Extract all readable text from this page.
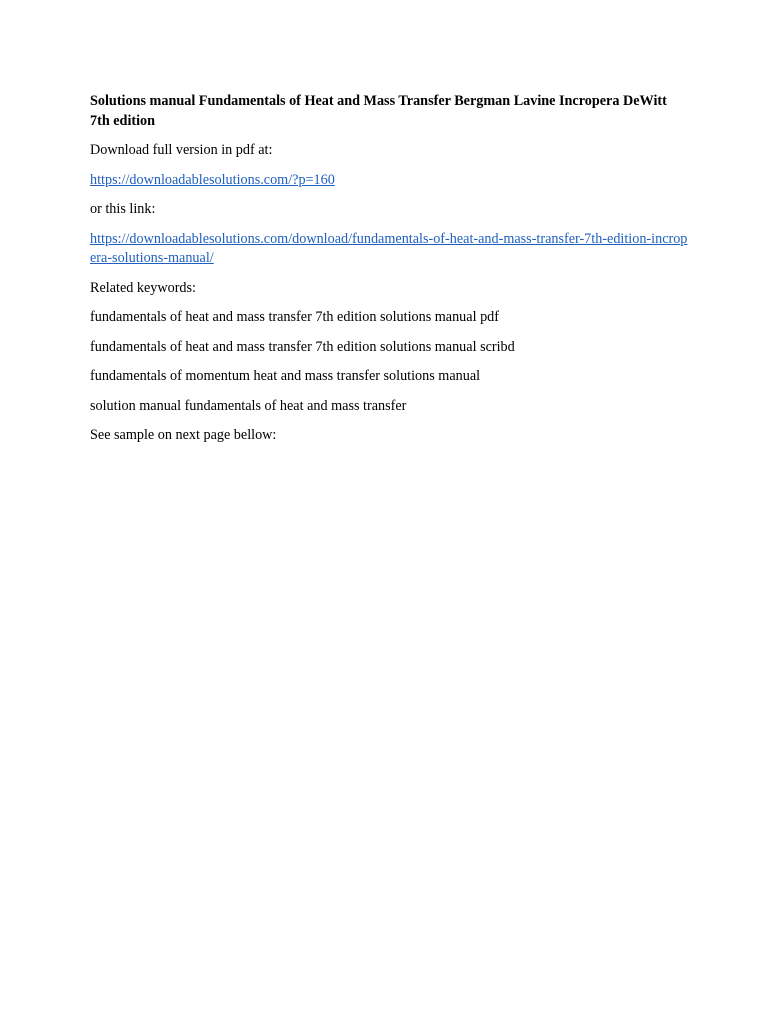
Solutions manual Fundamentals of Heat and Mass Transfer Bergman Lavine Incropera DeWitt 7th edition

Download full version in pdf at:

https://downloadablesolutions.com/?p=160

or this link:

https://downloadablesolutions.com/download/fundamentals-of-heat-and-mass-transfer-7th-edition-incropera-solutions-manual/

Related keywords:

fundamentals of heat and mass transfer 7th edition solutions manual pdf

fundamentals of heat and mass transfer 7th edition solutions manual scribd

fundamentals of momentum heat and mass transfer solutions manual

solution manual fundamentals of heat and mass transfer

See sample on next page bellow:
